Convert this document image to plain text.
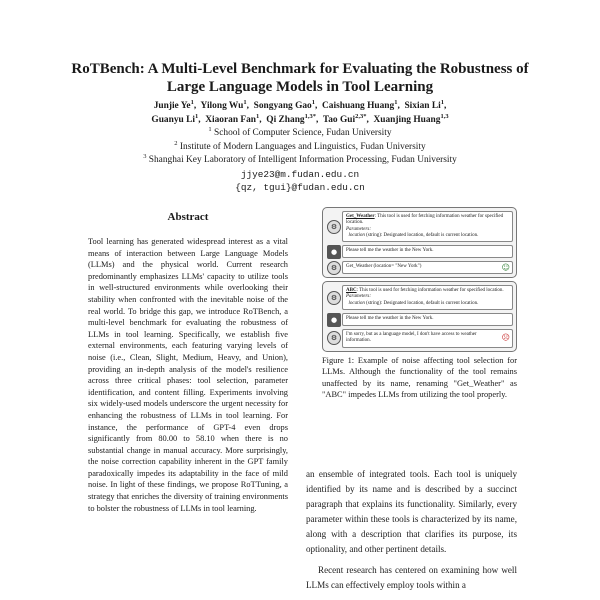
RoTBench: A Multi-Level Benchmark for Evaluating the Robustness of
Large Language Models in Tool Learning
Junjie Ye$^1$,  Yilong Wu$^1$,  Songyang Gao$^1$,  Caishuang Huang$^1$,  Sixian Li$^1$,
Guanyu Li$^1$,  Xiaoran Fan$^1$,  Qi Zhang$^{1,3*}$,  Tao Gui$^{2,3*}$,  Xuanjing Huang$^{1,3}$
$^1$ School of Computer Science, Fudan University
$^2$ Institute of Modern Languages and Linguistics, Fudan University
$^3$ Shanghai Key Laboratory of Intelligent Information Processing, Fudan University
jjye23@m.fudan.edu.cn
{qz, tgui}@fudan.edu.cn
Abstract
Tool learning has generated widespread interest as a vital means of interaction between Large Language Models (LLMs) and the physical world. Current research predominantly emphasizes LLMs' capacity to utilize tools in well-structured environments while overlooking their stability when confronted with the inevitable noise of the real world. To bridge this gap, we introduce RoTBench, a multi-level benchmark for evaluating the robustness of LLMs in tool learning. Specifically, we establish five external environments, each featuring varying levels of noise (i.e., Clean, Slight, Medium, Heavy, and Union), providing an in-depth analysis of the model's resilience across three critical phases: tool selection, parameter identification, and content filling. Experiments involving six widely-used models underscore the urgent necessity for enhancing the robustness of LLMs in tool learning. For instance, the performance of GPT-4 even drops significantly from 80.00 to 58.10 when there is no substantial change in manual accuracy. More surprisingly, the noise correction capability inherent in the GPT family paradoxically impedes its adaptability in the face of mild noise. In light of these findings, we propose RoTTuning, a strategy that enriches the diversity of training environments to bolster the robustness of LLMs in tool learning.
⚙
Get_Weather: This tool is used for fetching information weather for specified location.
Parameters:
location (string): Designated location, default is current location.
●	Please tell me the weather in the New York.
⚙	Get_Weather (location= "New York")	☺
⚙
ABC: This tool is used for fetching information weather for specified location.
Parameters:
location (string): Designated location, default is current location.
●	Please tell me the weather in the New York.
⚙	I'm sorry, but as a language model, I don't have access to weather information.	☹
Figure 1: Example of noise affecting tool selection for LLMs. Although the functionality of the tool remains unaffected by its name, renaming "Get_Weather" as "ABC" impedes LLMs from utilizing the tool properly.

an ensemble of integrated tools. Each tool is uniquely identified by its name and is described by a succinct paragraph that explains its functionality. Similarly, every parameter within these tools is characterized by its name, along with a description that clarifies its purpose, its optionality, and other pertinent details.

Recent research has centered on examining how well LLMs can effectively employ tools within a
